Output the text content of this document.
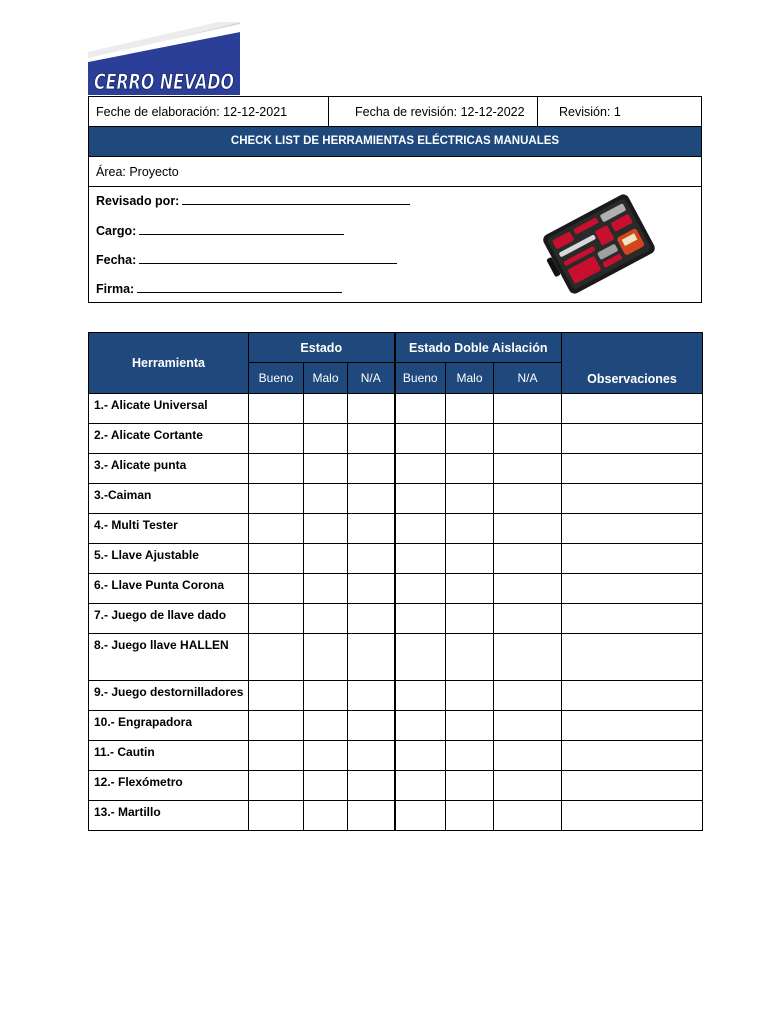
CERRO NEVADO
Feche de elaboración: 12-12-2021	Fecha de revisión: 12-12-2022	Revisión: 1
CHECK LIST DE HERRAMIENTAS ELÉCTRICAS MANUALES
Área: Proyecto
Revisado por:
Cargo:
Fecha:
Firma:
Herramienta	Estado			Estado Doble Aislación			Observaciones
	Bueno	Malo	N/A	Bueno	Malo	N/A	
1.- Alicate Universal							
2.- Alicate Cortante							
3.- Alicate punta							
3.-Caiman							
4.- Multi Tester							
5.- Llave Ajustable							
6.- Llave Punta Corona							
7.- Juego de llave dado							
8.- Juego llave HALLEN							
9.- Juego destornilladores							
10.- Engrapadora							
11.- Cautin							
12.- Flexómetro							
13.- Martillo							
